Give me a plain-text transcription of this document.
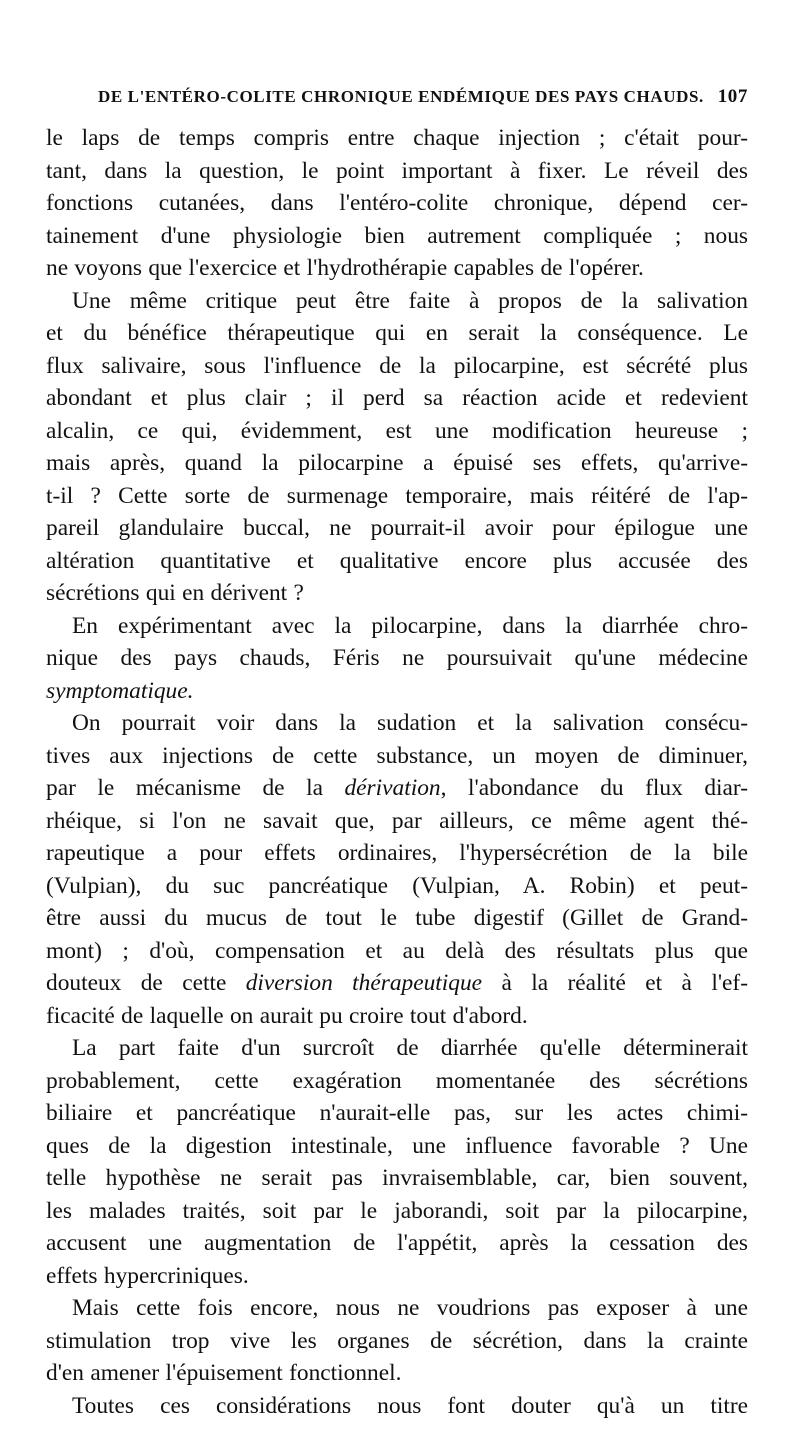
DE L'ENTÉRO-COLITE CHRONIQUE ENDÉMIQUE DES PAYS CHAUDS. 107

le laps de temps compris entre chaque injection ; c'était pour-
tant, dans la question, le point important à fixer. Le réveil des
fonctions cutanées, dans l'entéro-colite chronique, dépend cer-
tainement d'une physiologie bien autrement compliquée ; nous
ne voyons que l'exercice et l'hydrothérapie capables de l'opérer.

Une même critique peut être faite à propos de la salivation
et du bénéfice thérapeutique qui en serait la conséquence. Le
flux salivaire, sous l'influence de la pilocarpine, est sécrété plus
abondant et plus clair ; il perd sa réaction acide et redevient
alcalin, ce qui, évidemment, est une modification heureuse ;
mais après, quand la pilocarpine a épuisé ses effets, qu'arrive-
t-il ? Cette sorte de surmenage temporaire, mais réitéré de l'ap-
pareil glandulaire buccal, ne pourrait-il avoir pour épilogue une
altération quantitative et qualitative encore plus accusée des
sécrétions qui en dérivent ?

En expérimentant avec la pilocarpine, dans la diarrhée chro-
nique des pays chauds, Féris ne poursuivait qu'une médecine
symptomatique.

On pourrait voir dans la sudation et la salivation consécu-
tives aux injections de cette substance, un moyen de diminuer,
par le mécanisme de la dérivation, l'abondance du flux diar-
rhéique, si l'on ne savait que, par ailleurs, ce même agent thé-
rapeutique a pour effets ordinaires, l'hypersécrétion de la bile
(Vulpian), du suc pancréatique (Vulpian, A. Robin) et peut-
être aussi du mucus de tout le tube digestif (Gillet de Grand-
mont) ; d'où, compensation et au delà des résultats plus que
douteux de cette diversion thérapeutique à la réalité et à l'ef-
ficacité de laquelle on aurait pu croire tout d'abord.

La part faite d'un surcroît de diarrhée qu'elle déterminerait
probablement, cette exagération momentanée des sécrétions
biliaire et pancréatique n'aurait-elle pas, sur les actes chimi-
ques de la digestion intestinale, une influence favorable ? Une
telle hypothèse ne serait pas invraisemblable, car, bien souvent,
les malades traités, soit par le jaborandi, soit par la pilocarpine,
accusent une augmentation de l'appétit, après la cessation des
effets hypercriniques.

Mais cette fois encore, nous ne voudrions pas exposer à une
stimulation trop vive les organes de sécrétion, dans la crainte
d'en amener l'épuisement fonctionnel.

Toutes ces considérations nous font douter qu'à un titre
